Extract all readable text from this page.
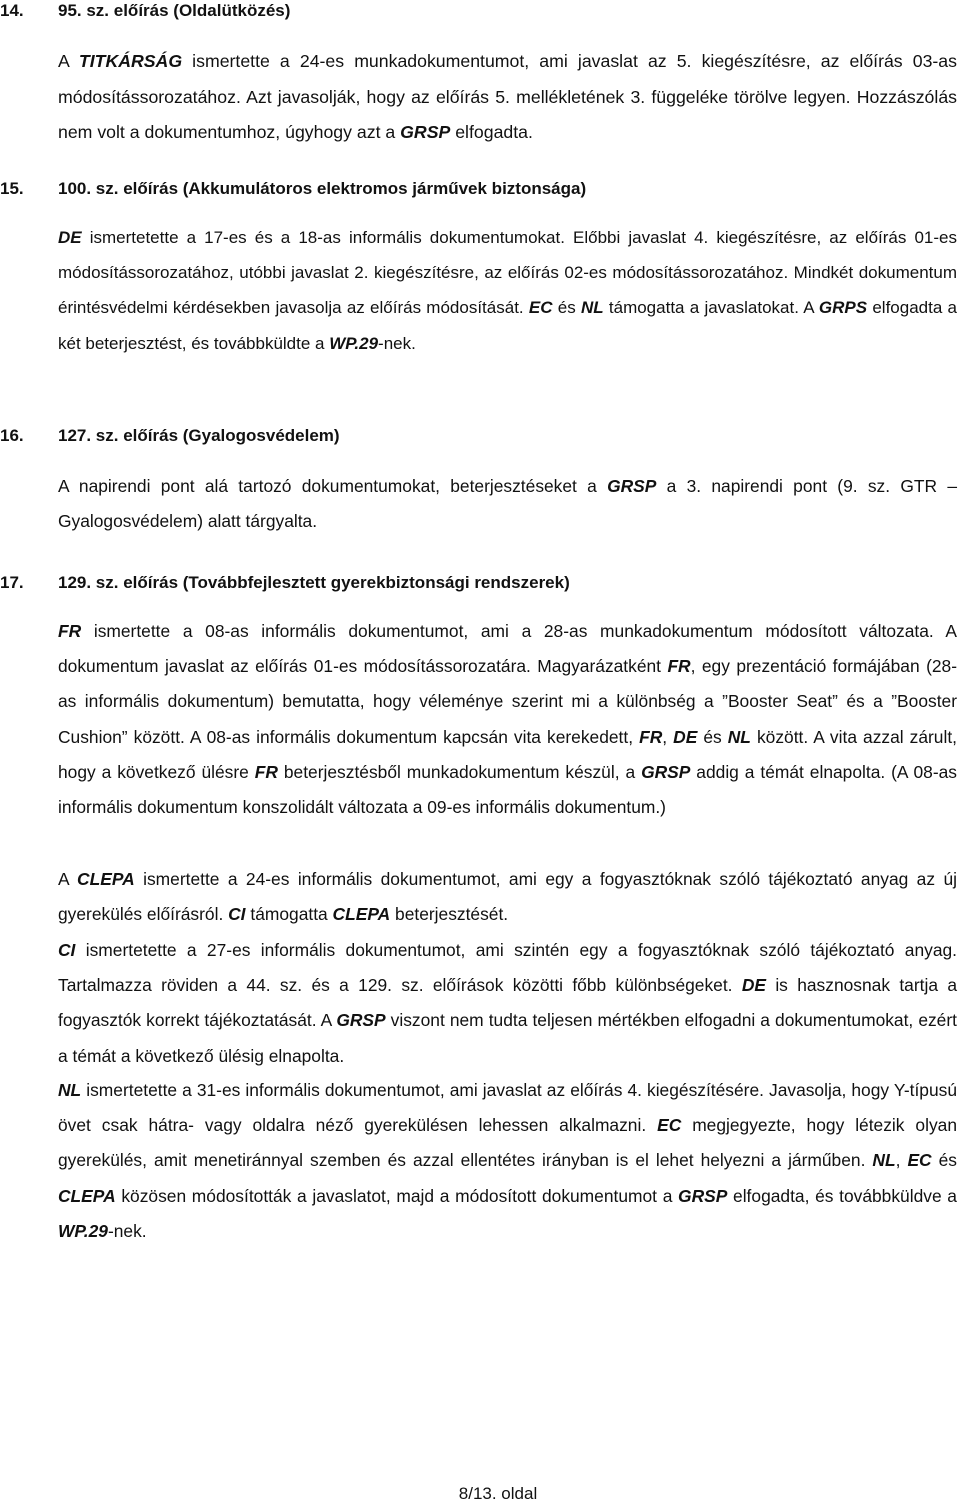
14. 95. sz. előírás (Oldalütközés)

A TITKÁRSÁG ismertette a 24-es munkadokumentumot, ami javaslat az 5. kiegészítésre, az előírás 03-as módosítássorozatához. Azt javasolják, hogy az előírás 5. mellékletének 3. függeléke törölve legyen. Hozzászólás nem volt a dokumentumhoz, úgyhogy azt a GRSP elfogadta.

15. 100. sz. előírás (Akkumulátoros elektromos járművek biztonsága)

DE ismertetette a 17-es és a 18-as informális dokumentumokat. Előbbi javaslat 4. kiegészítésre, az előírás 01-es módosítássorozatához, utóbbi javaslat 2. kiegészítésre, az előírás 02-es módosítássorozatához. Mindkét dokumentum érintésvédelmi kérdésekben javasolja az előírás módosítását. EC és NL támogatta a javaslatokat. A GRPS elfogadta a két beterjesztést, és továbbküldte a WP.29-nek.

16. 127. sz. előírás (Gyalogosvédelem)

A napirendi pont alá tartozó dokumentumokat, beterjesztéseket a GRSP a 3. napirendi pont (9. sz. GTR – Gyalogosvédelem) alatt tárgyalta.

17. 129. sz. előírás (Továbbfejlesztett gyerekbiztonsági rendszerek)

FR ismertette a 08-as informális dokumentumot, ami a 28-as munkadokumentum módosított változata. A dokumentum javaslat az előírás 01-es módosítássorozatára. Magyarázatként FR, egy prezentáció formájában (28-as informális dokumentum) bemutatta, hogy véleménye szerint mi a különbség a ”Booster Seat” és a ”Booster Cushion” között. A 08-as informális dokumentum kapcsán vita kerekedett, FR, DE és NL között. A vita azzal zárult, hogy a következő ülésre FR beterjesztésből munkadokumentum készül, a GRSP addig a témát elnapolta. (A 08-as informális dokumentum konszolidált változata a 09-es informális dokumentum.)

A CLEPA ismertette a 24-es informális dokumentumot, ami egy a fogyasztóknak szóló tájékoztató anyag az új gyerekülés előírásról. CI támogatta CLEPA beterjesztését.

CI ismertetette a 27-es informális dokumentumot, ami szintén egy a fogyasztóknak szóló tájékoztató anyag. Tartalmazza röviden a 44. sz. és a 129. sz. előírások közötti főbb különbségeket. DE is hasznosnak tartja a fogyasztók korrekt tájékoztatását. A GRSP viszont nem tudta teljesen mértékben elfogadni a dokumentumokat, ezért a témát a következő ülésig elnapolta.

NL ismertetette a 31-es informális dokumentumot, ami javaslat az előírás 4. kiegészítésére. Javasolja, hogy Y-típusú övet csak hátra- vagy oldalra néző gyerekülésen lehessen alkalmazni. EC megjegyezte, hogy létezik olyan gyerekülés, amit menetiránnyal szemben és azzal ellentétes irányban is el lehet helyezni a járműben. NL, EC és CLEPA közösen módosították a javaslatot, majd a módosított dokumentumot a GRSP elfogadta, és továbbküldve a WP.29-nek.

8/13. oldal
